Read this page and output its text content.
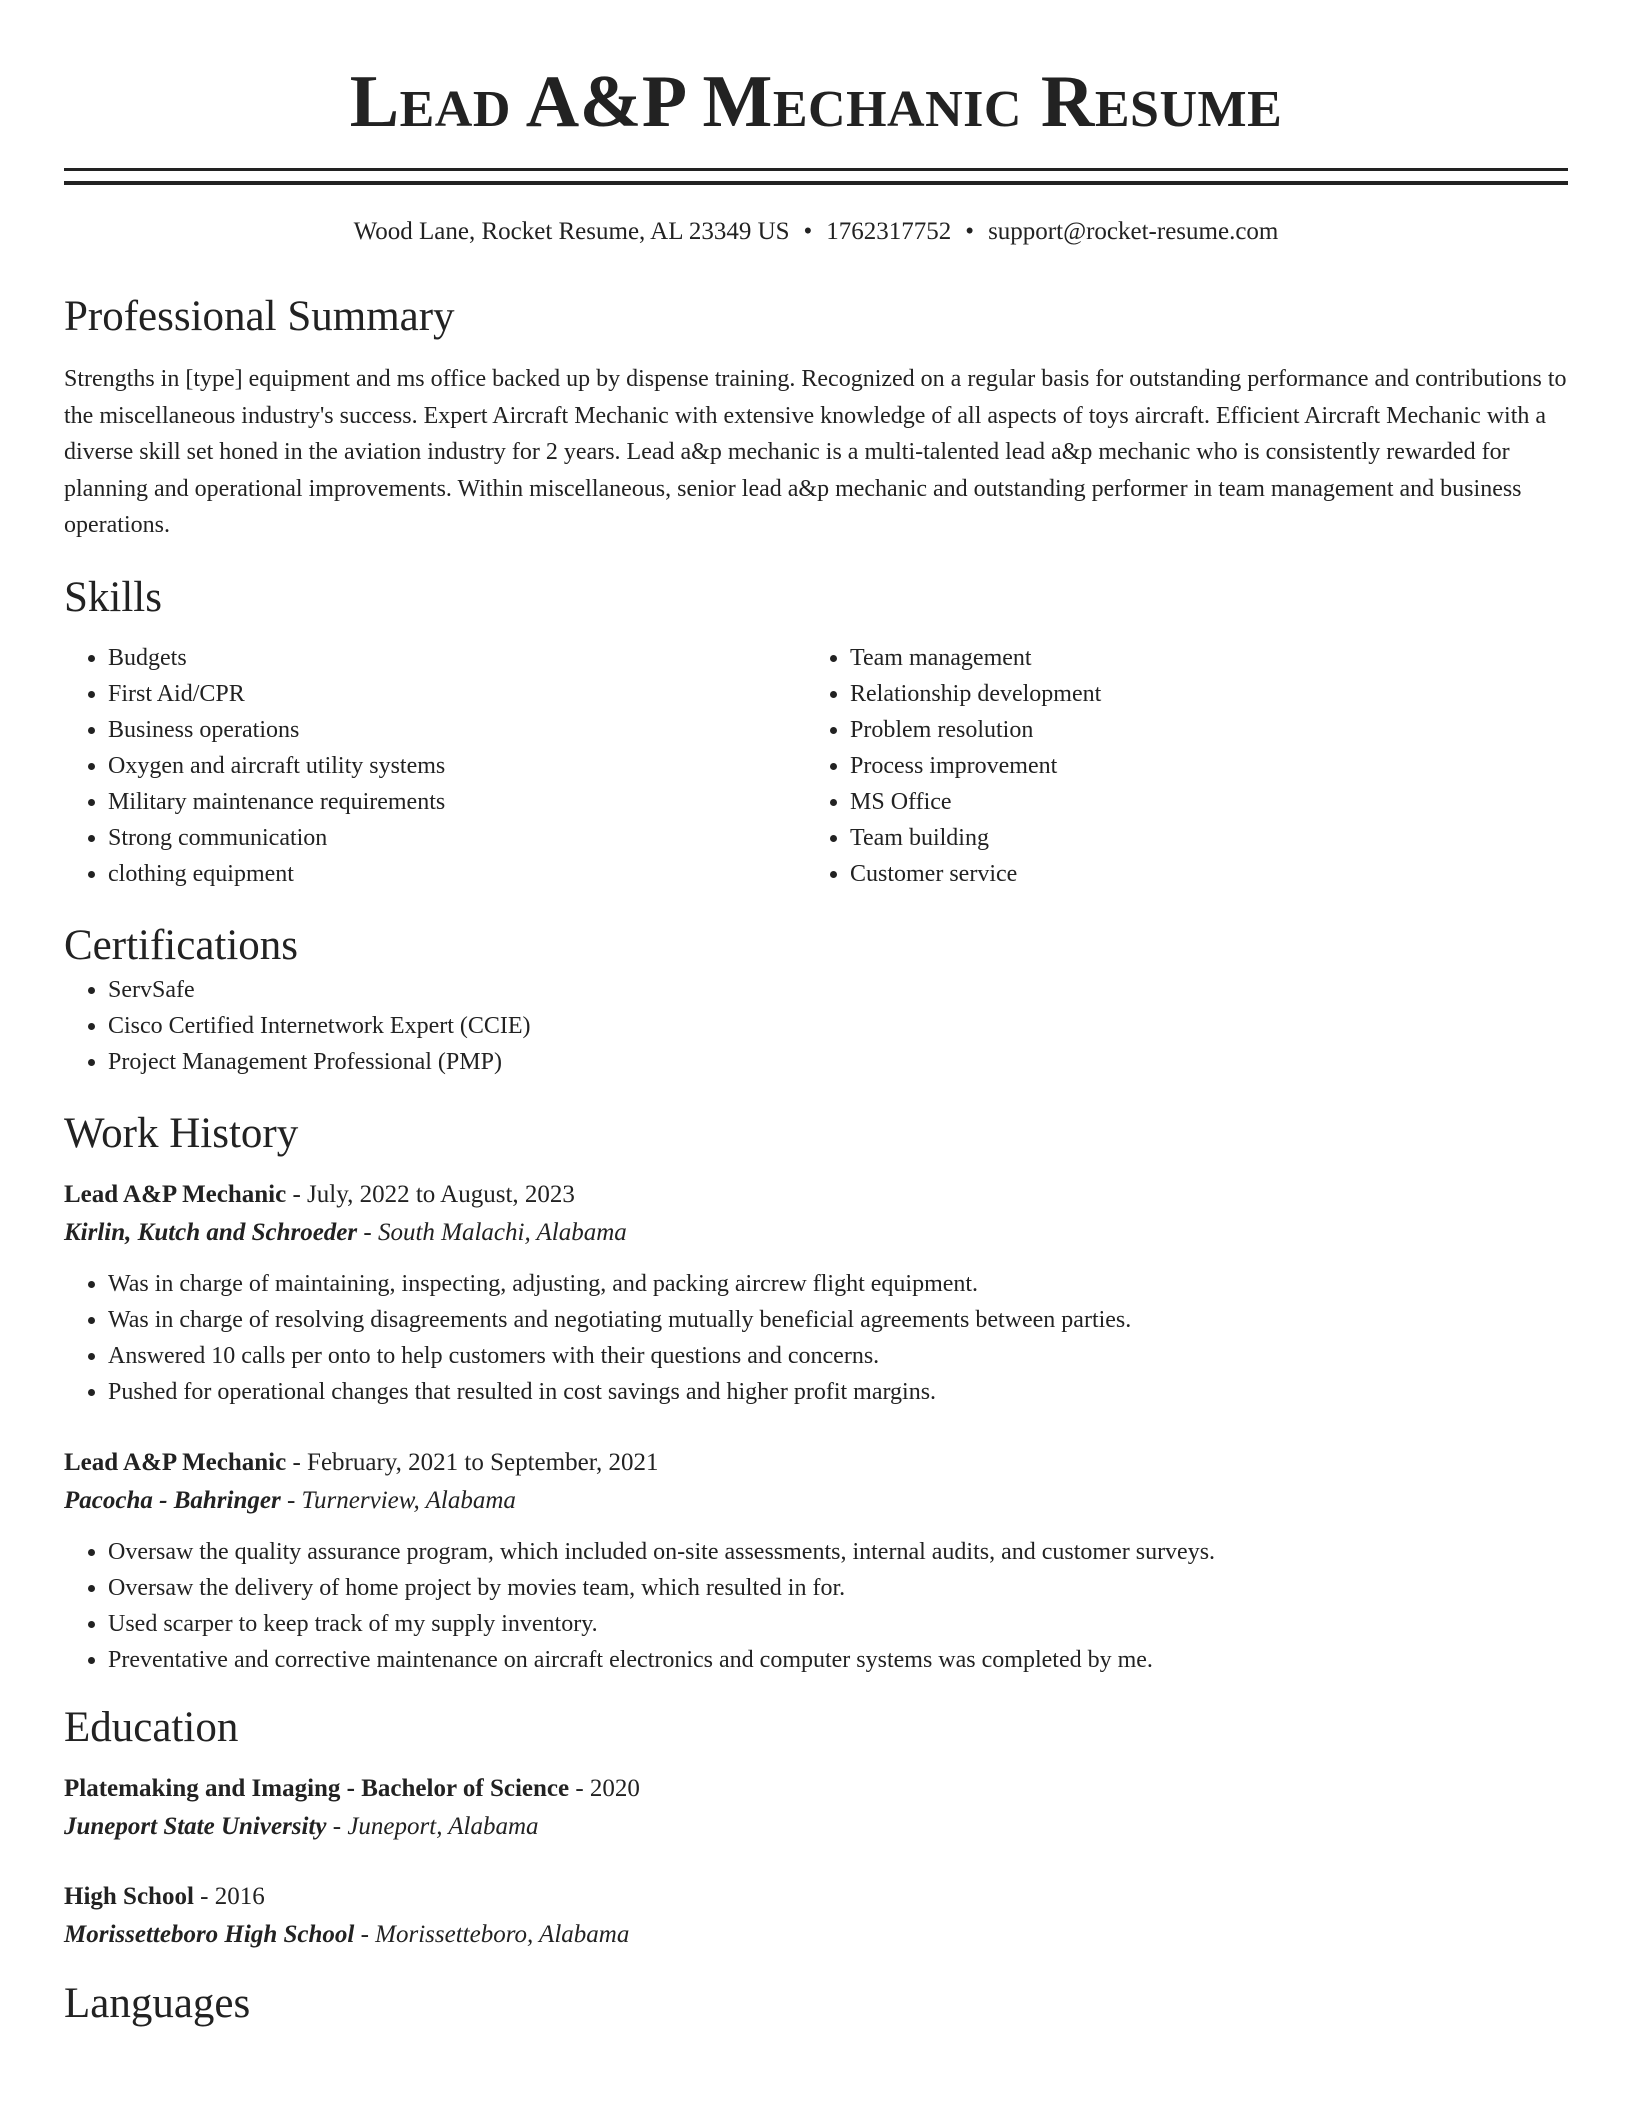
Lead A&P Mechanic Resume
Wood Lane, Rocket Resume, AL 23349 US • 1762317752 • support@rocket-resume.com
Professional Summary

Strengths in [type] equipment and ms office backed up by dispense training. Recognized on a regular basis for outstanding performance and contributions to the miscellaneous industry's success. Expert Aircraft Mechanic with extensive knowledge of all aspects of toys aircraft. Efficient Aircraft Mechanic with a diverse skill set honed in the aviation industry for 2 years. Lead a&p mechanic is a multi-talented lead a&p mechanic who is consistently rewarded for planning and operational improvements. Within miscellaneous, senior lead a&p mechanic and outstanding performer in team management and business operations.

Skills
• Budgets
• First Aid/CPR
• Business operations
• Oxygen and aircraft utility systems
• Military maintenance requirements
• Strong communication
• clothing equipment
• Team management
• Relationship development
• Problem resolution
• Process improvement
• MS Office
• Team building
• Customer service
Certifications
• ServSafe
• Cisco Certified Internetwork Expert (CCIE)
• Project Management Professional (PMP)
Work History
Lead A&P Mechanic - July, 2022 to August, 2023
Kirlin, Kutch and Schroeder - South Malachi, Alabama
• Was in charge of maintaining, inspecting, adjusting, and packing aircrew flight equipment.
• Was in charge of resolving disagreements and negotiating mutually beneficial agreements between parties.
• Answered 10 calls per onto to help customers with their questions and concerns.
• Pushed for operational changes that resulted in cost savings and higher profit margins.
Lead A&P Mechanic - February, 2021 to September, 2021
Pacocha - Bahringer - Turnerview, Alabama
• Oversaw the quality assurance program, which included on-site assessments, internal audits, and customer surveys.
• Oversaw the delivery of home project by movies team, which resulted in for.
• Used scarper to keep track of my supply inventory.
• Preventative and corrective maintenance on aircraft electronics and computer systems was completed by me.
Education
Platemaking and Imaging - Bachelor of Science - 2020
Juneport State University - Juneport, Alabama
High School - 2016
Morissetteboro High School - Morissetteboro, Alabama
Languages
